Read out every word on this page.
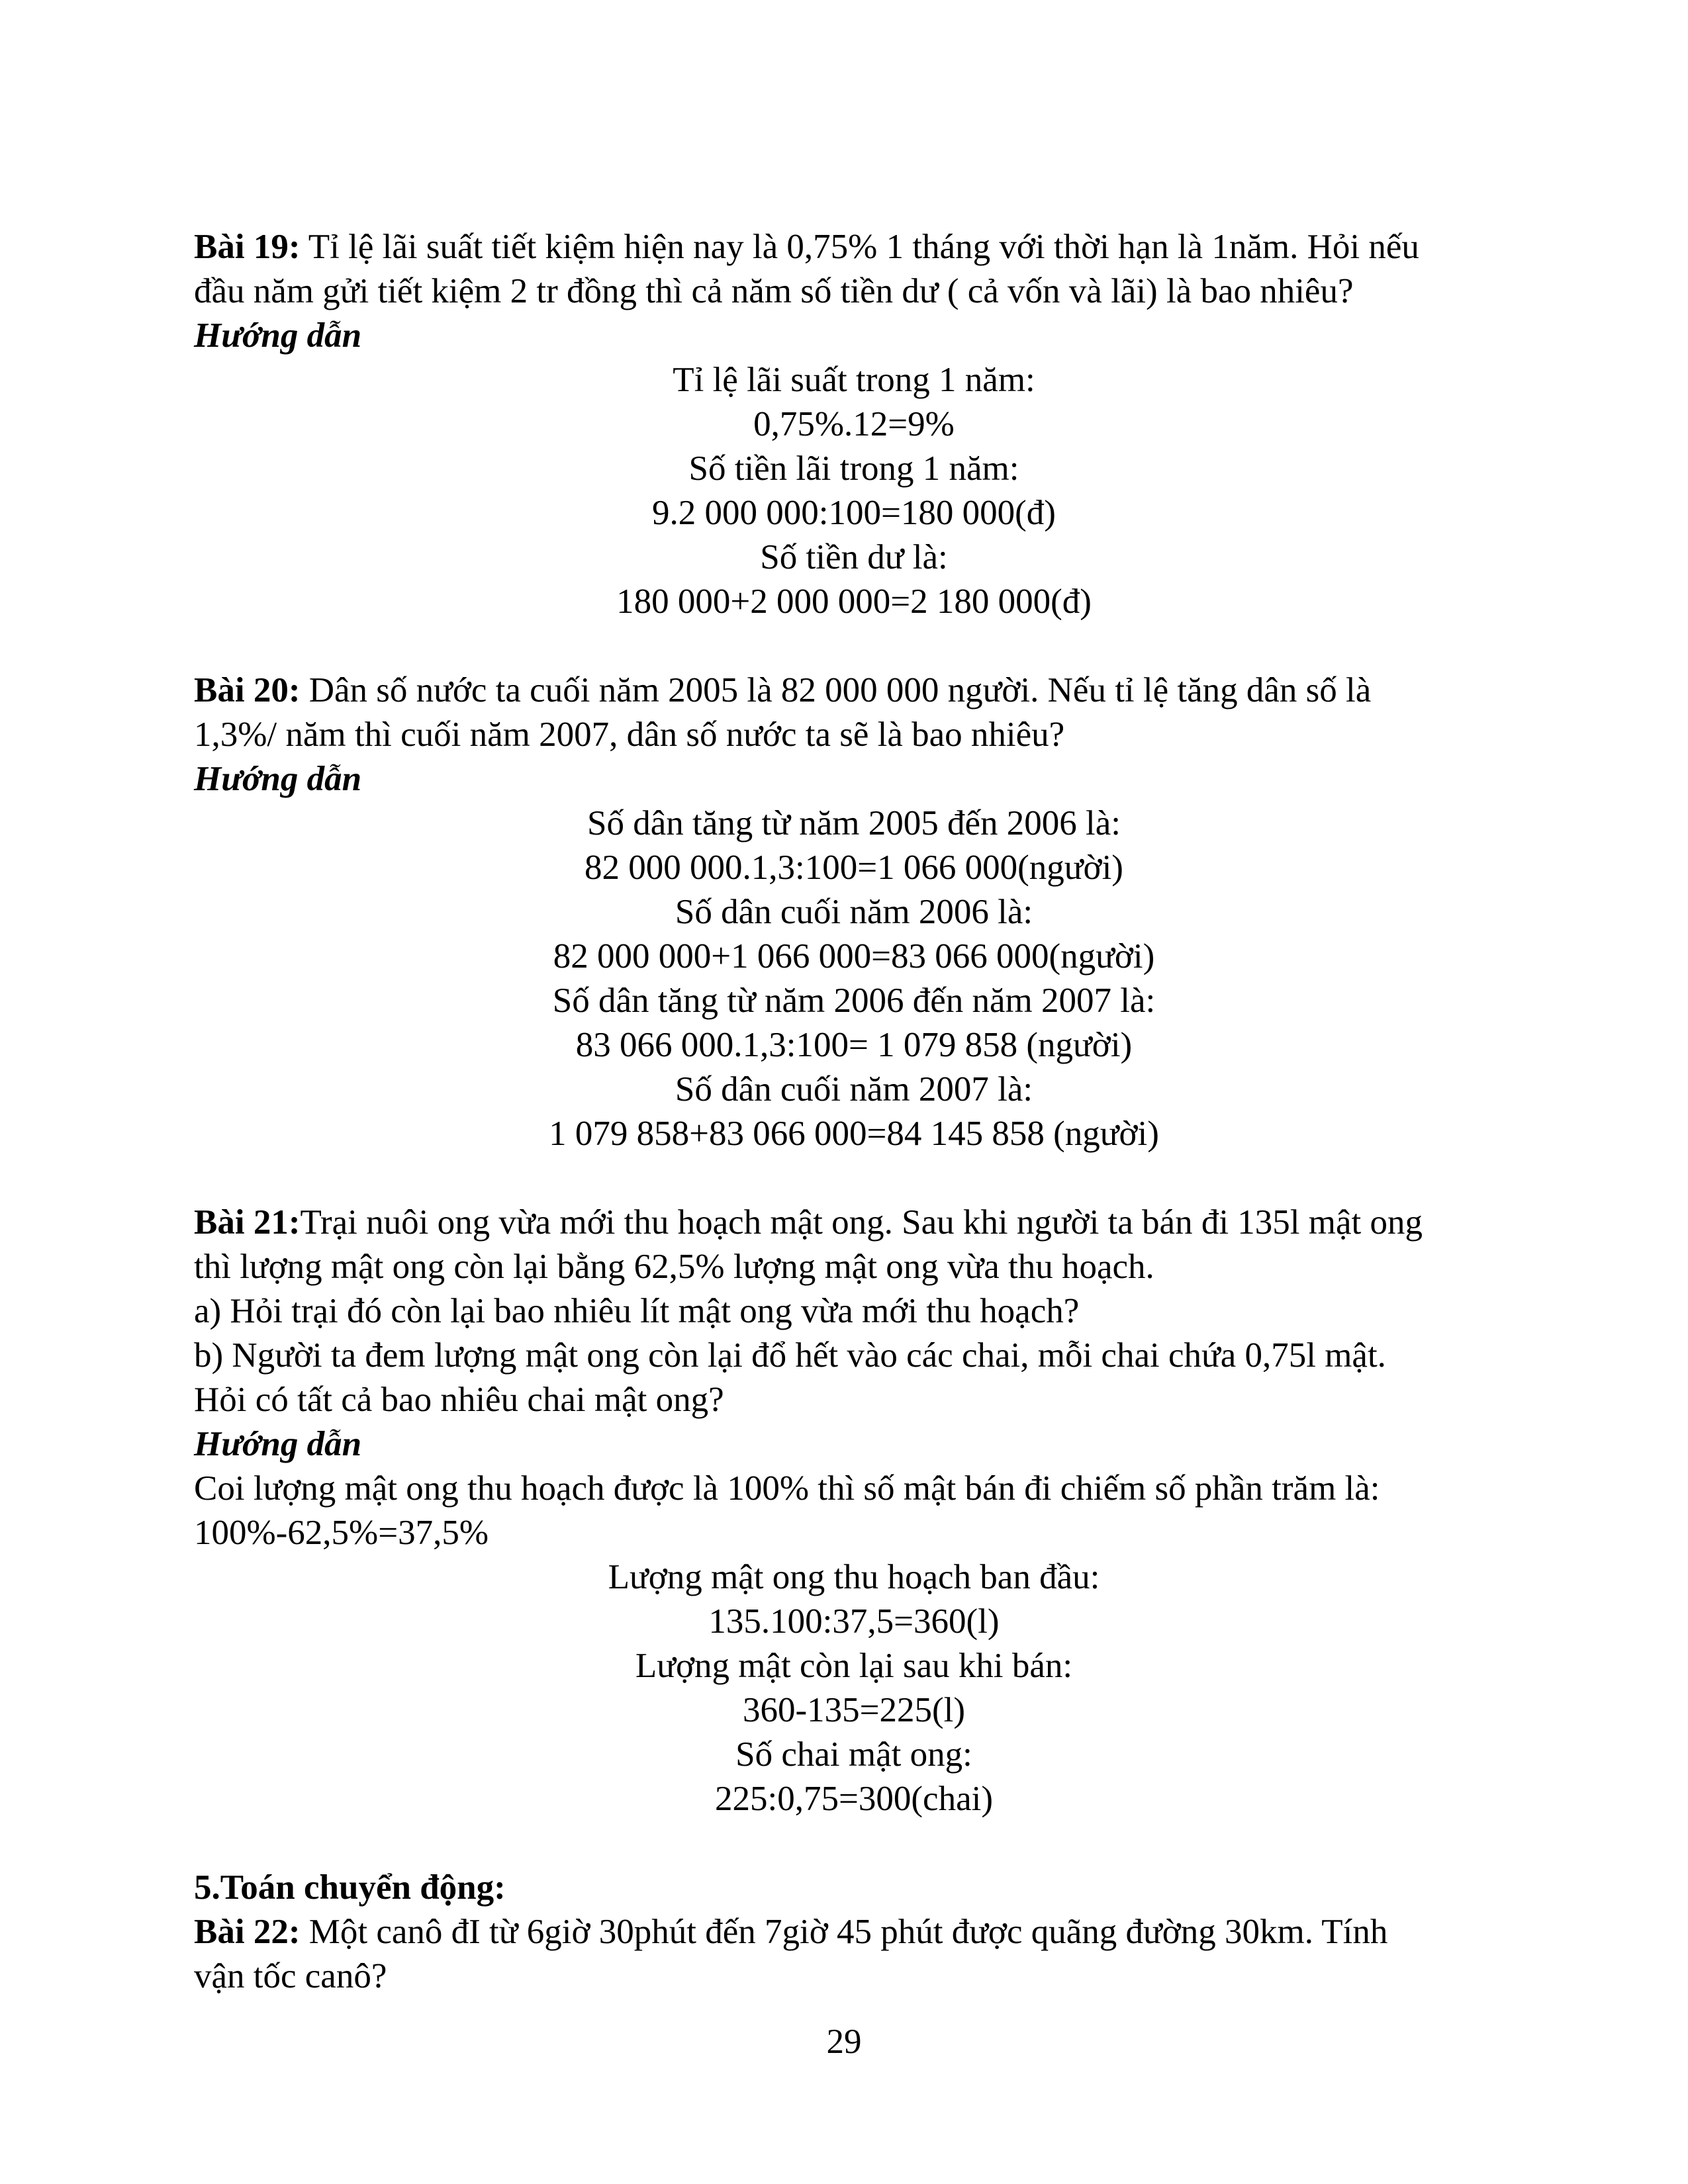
Bài 19: Tỉ lệ lãi suất tiết kiệm hiện nay là 0,75% 1 tháng với thời hạn là 1năm. Hỏi nếu

đầu năm gửi tiết kiệm 2 tr đồng thì cả năm số tiền dư ( cả vốn và lãi) là bao nhiêu?

Hướng dẫn

Tỉ lệ lãi suất trong 1 năm:

0,75%.12=9%

Số tiền lãi trong 1 năm:

9.2 000 000:100=180 000(đ)

Số tiền dư là:

180 000+2 000 000=2 180 000(đ)

Bài 20: Dân số nước ta cuối năm 2005 là 82 000 000 người. Nếu tỉ lệ tăng dân số là

1,3%/ năm thì cuối năm 2007, dân số nước ta sẽ là bao nhiêu?

Hướng dẫn

Số dân tăng từ năm 2005 đến 2006 là:

82 000 000.1,3:100=1 066 000(người)

Số dân cuối năm 2006 là:

82 000 000+1 066 000=83 066 000(người)

Số dân tăng từ năm 2006 đến năm 2007 là:

83 066 000.1,3:100= 1 079 858 (người)

Số dân cuối năm 2007 là:

1 079 858+83 066 000=84 145 858 (người)

Bài 21:Trại nuôi ong vừa mới thu hoạch mật ong. Sau khi người ta bán đi 135l mật ong

thì lượng mật ong còn lại bằng 62,5% lượng mật ong vừa thu hoạch.

a) Hỏi trại đó còn lại bao nhiêu lít mật ong vừa mới thu hoạch?

b) Người ta đem lượng mật ong còn lại đổ hết vào các chai, mỗi chai chứa 0,75l mật.

Hỏi có tất cả bao nhiêu chai mật ong?

Hướng dẫn

Coi lượng mật ong thu hoạch được là 100% thì số mật bán đi chiếm số phần trăm là:

100%-62,5%=37,5%

Lượng mật ong thu hoạch ban đầu:

135.100:37,5=360(l)

Lượng mật còn lại sau khi bán:

360-135=225(l)

Số chai mật ong:

225:0,75=300(chai)

5.Toán chuyển động:

Bài 22: Một canô đI từ 6giờ 30phút đến 7giờ 45 phút được quãng đường 30km. Tính

vận tốc canô?

29
